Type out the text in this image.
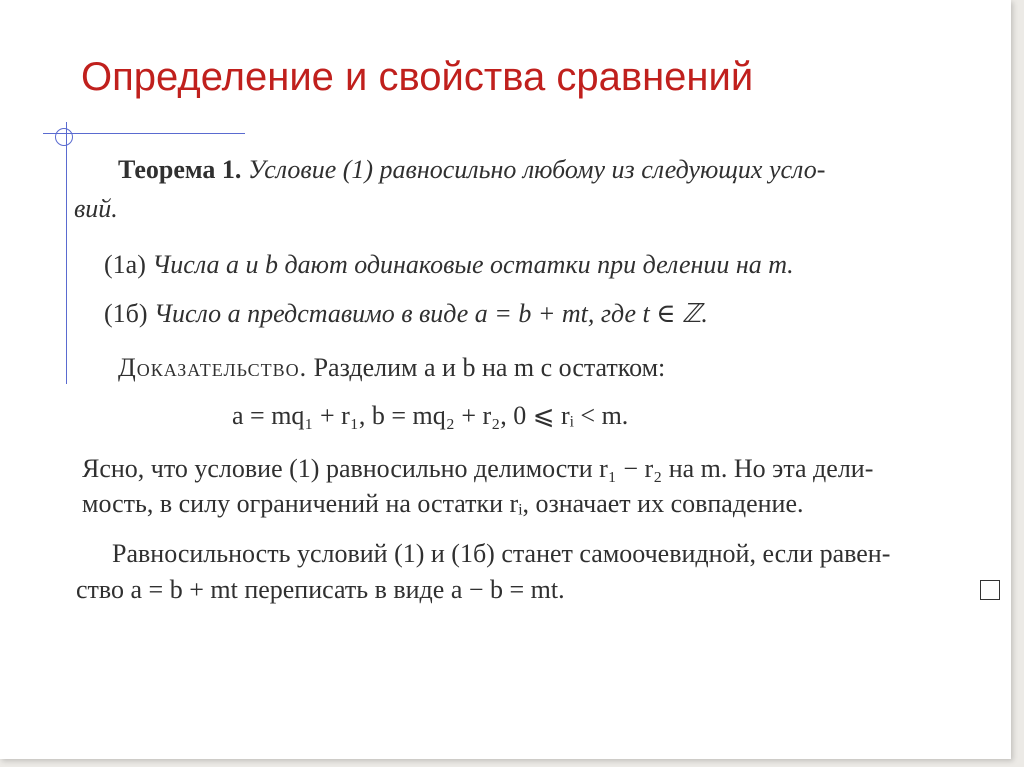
Определение и свойства сравнений
Теорема 1. Условие (1) равносильно любому из следующих усло-
вий.
(1a) Числа a и b дают одинаковые остатки при делении на m.
(1б) Число a представимо в виде a = b + mt, где t ∈ ℤ.
Доказательство. Разделим a и b на m с остатком:
a = mq₁ + r₁, b = mq₂ + r₂, 0 ⩽ rᵢ < m.
Ясно, что условие (1) равносильно делимости r₁ − r₂ на m. Но эта дели-
мость, в силу ограничений на остатки rᵢ, означает их совпадение.
Равносильность условий (1) и (1б) станет самоочевидной, если равен-
ство a = b + mt переписать в виде a − b = mt.
